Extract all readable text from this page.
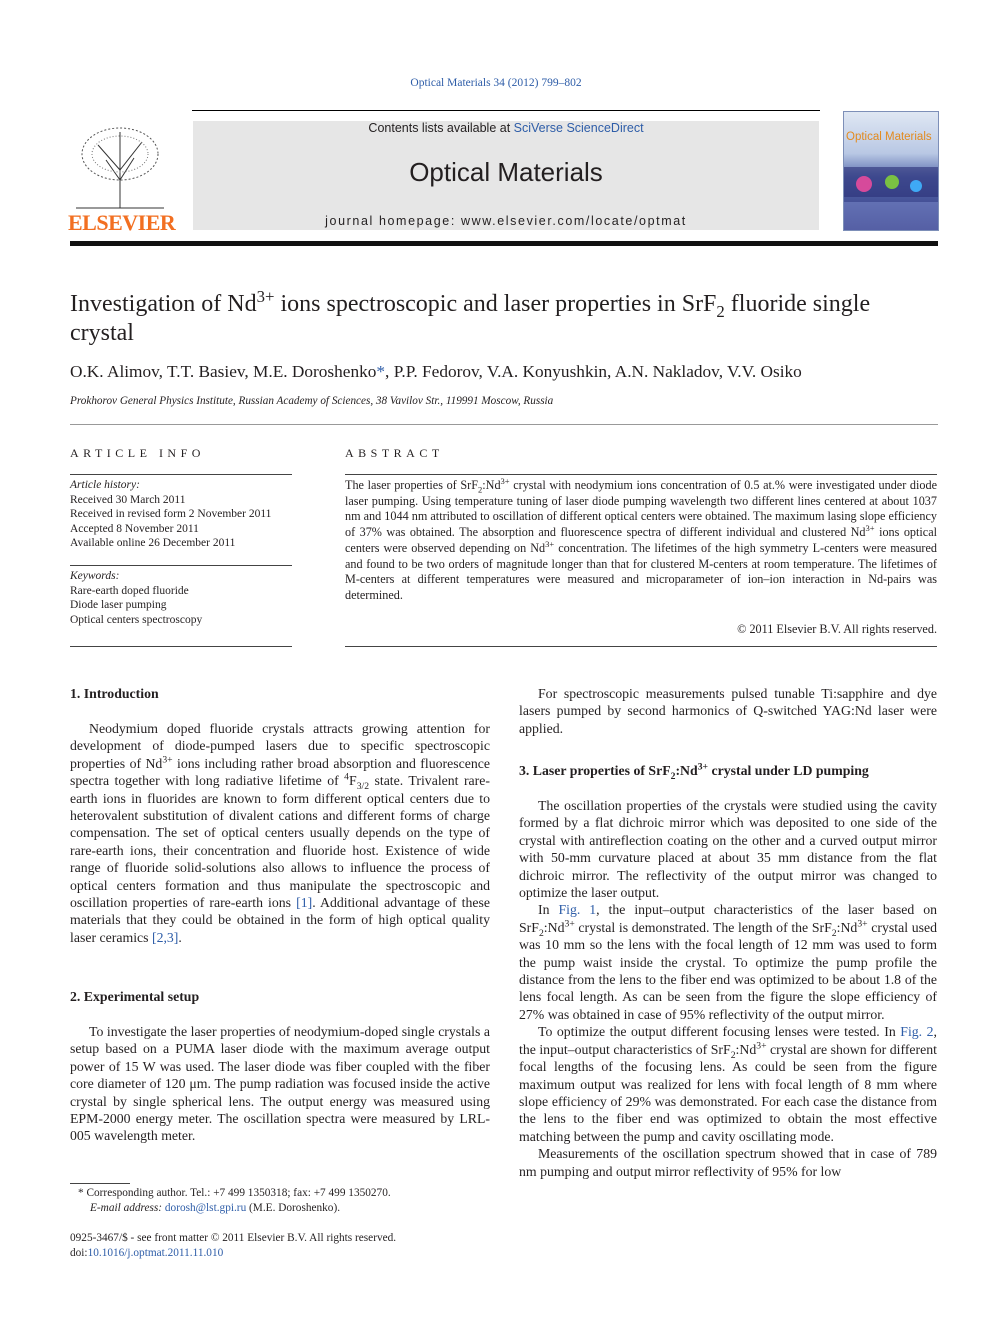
Optical Materials 34 (2012) 799–802
ELSEVIER
Contents lists available at SciVerse ScienceDirect
Optical Materials
journal homepage: www.elsevier.com/locate/optmat
Optical Materials
Investigation of $Nd^{3+}$ ions spectroscopic and laser properties in SrF$_2$ fluoride single crystal
O.K. Alimov, T.T. Basiev, M.E. Doroshenko*, P.P. Fedorov, V.A. Konyushkin, A.N. Nakladov, V.V. Osiko
Prokhorov General Physics Institute, Russian Academy of Sciences, 38 Vavilov Str., 119991 Moscow, Russia
ARTICLE INFO	ABSTRACT
Article history:
Received 30 March 2011
Received in revised form 2 November 2011
Accepted 8 November 2011
Available online 26 December 2011
Keywords:
Rare-earth doped fluoride
Diode laser pumping
Optical centers spectroscopy
The laser properties of $SrF_2:Nd^{3+}$ crystal with neodymium ions concentration of 0.5 at.% were investigated under diode laser pumping. Using temperature tuning of laser diode pumping wavelength two different lines centered at about 1037 nm and 1044 nm attributed to oscillation of different optical centers were obtained. The maximum lasing slope efficiency of 37% was obtained. The absorption and fluorescence spectra of different individual and clustered $Nd^{3+}$ ions optical centers were observed depending on $Nd^{3+}$ concentration. The lifetimes of the high symmetry L-centers were measured and found to be two orders of magnitude longer than that for clustered M-centers at room temperature. The lifetimes of M-centers at different temperatures were measured and microparameter of ion–ion interaction in Nd-pairs was determined.
© 2011 Elsevier B.V. All rights reserved.
1. Introduction

Neodymium doped fluoride crystals attracts growing attention for development of diode-pumped lasers due to specific spectroscopic properties of $Nd^{3+}$ ions including rather broad absorption and fluorescence spectra together with long radiative lifetime of $^4F_{3/2}$ state. Trivalent rare-earth ions in fluorides are known to form different optical centers due to heterovalent substitution of divalent cations and different forms of charge compensation. The set of optical centers usually depends on the type of rare-earth ions, their concentration and fluoride host. Existence of wide range of fluoride solid-solutions also allows to influence the process of optical centers formation and thus manipulate the spectroscopic and oscillation properties of rare-earth ions [1]. Additional advantage of these materials that they could be obtained in the form of high optical quality laser ceramics [2,3].

2. Experimental setup

To investigate the laser properties of neodymium-doped single crystals a setup based on a PUMA laser diode with the maximum average output power of 15 W was used. The laser diode was fiber coupled with the fiber core diameter of 120 μm. The pump radiation was focused inside the active crystal by single spherical lens. The output energy was measured using EPM-2000 energy meter. The oscillation spectra were measured by LRL-005 wavelength meter.

* Corresponding author. Tel.: +7 499 1350318; fax: +7 499 1350270.
E-mail address: dorosh@lst.gpi.ru (M.E. Doroshenko).
0925-3467/$ - see front matter © 2011 Elsevier B.V. All rights reserved.
doi:10.1016/j.optmat.2011.11.010

For spectroscopic measurements pulsed tunable Ti:sapphire and dye lasers pumped by second harmonics of Q-switched YAG:Nd laser were applied.

3. Laser properties of $SrF_2:Nd^{3+}$ crystal under LD pumping

The oscillation properties of the crystals were studied using the cavity formed by a flat dichroic mirror which was deposited to one side of the crystal with antireflection coating on the other and a curved output mirror with 50-mm curvature placed at about 35 mm distance from the flat dichroic mirror. The reflectivity of the output mirror was changed to optimize the laser output.

In Fig. 1, the input–output characteristics of the laser based on $SrF_2:Nd^{3+}$ crystal is demonstrated. The length of the $SrF_2:Nd^{3+}$ crystal used was 10 mm so the lens with the focal length of 12 mm was used to form the pump waist inside the crystal. To optimize the pump profile the distance from the lens to the fiber end was optimized to be about 1.8 of the lens focal length. As can be seen from the figure the slope efficiency of 27% was obtained in case of 95% reflectivity of the output mirror.

To optimize the output different focusing lenses were tested. In Fig. 2, the input–output characteristics of $SrF_2:Nd^{3+}$ crystal are shown for different focal lengths of the focusing lens. As could be seen from the figure maximum output was realized for lens with focal length of 8 mm where slope efficiency of 29% was demonstrated. For each case the distance from the lens to the fiber end was optimized to obtain the most effective matching between the pump and cavity oscillating mode.

Measurements of the oscillation spectrum showed that in case of 789 nm pumping and output mirror reflectivity of 95% for low
